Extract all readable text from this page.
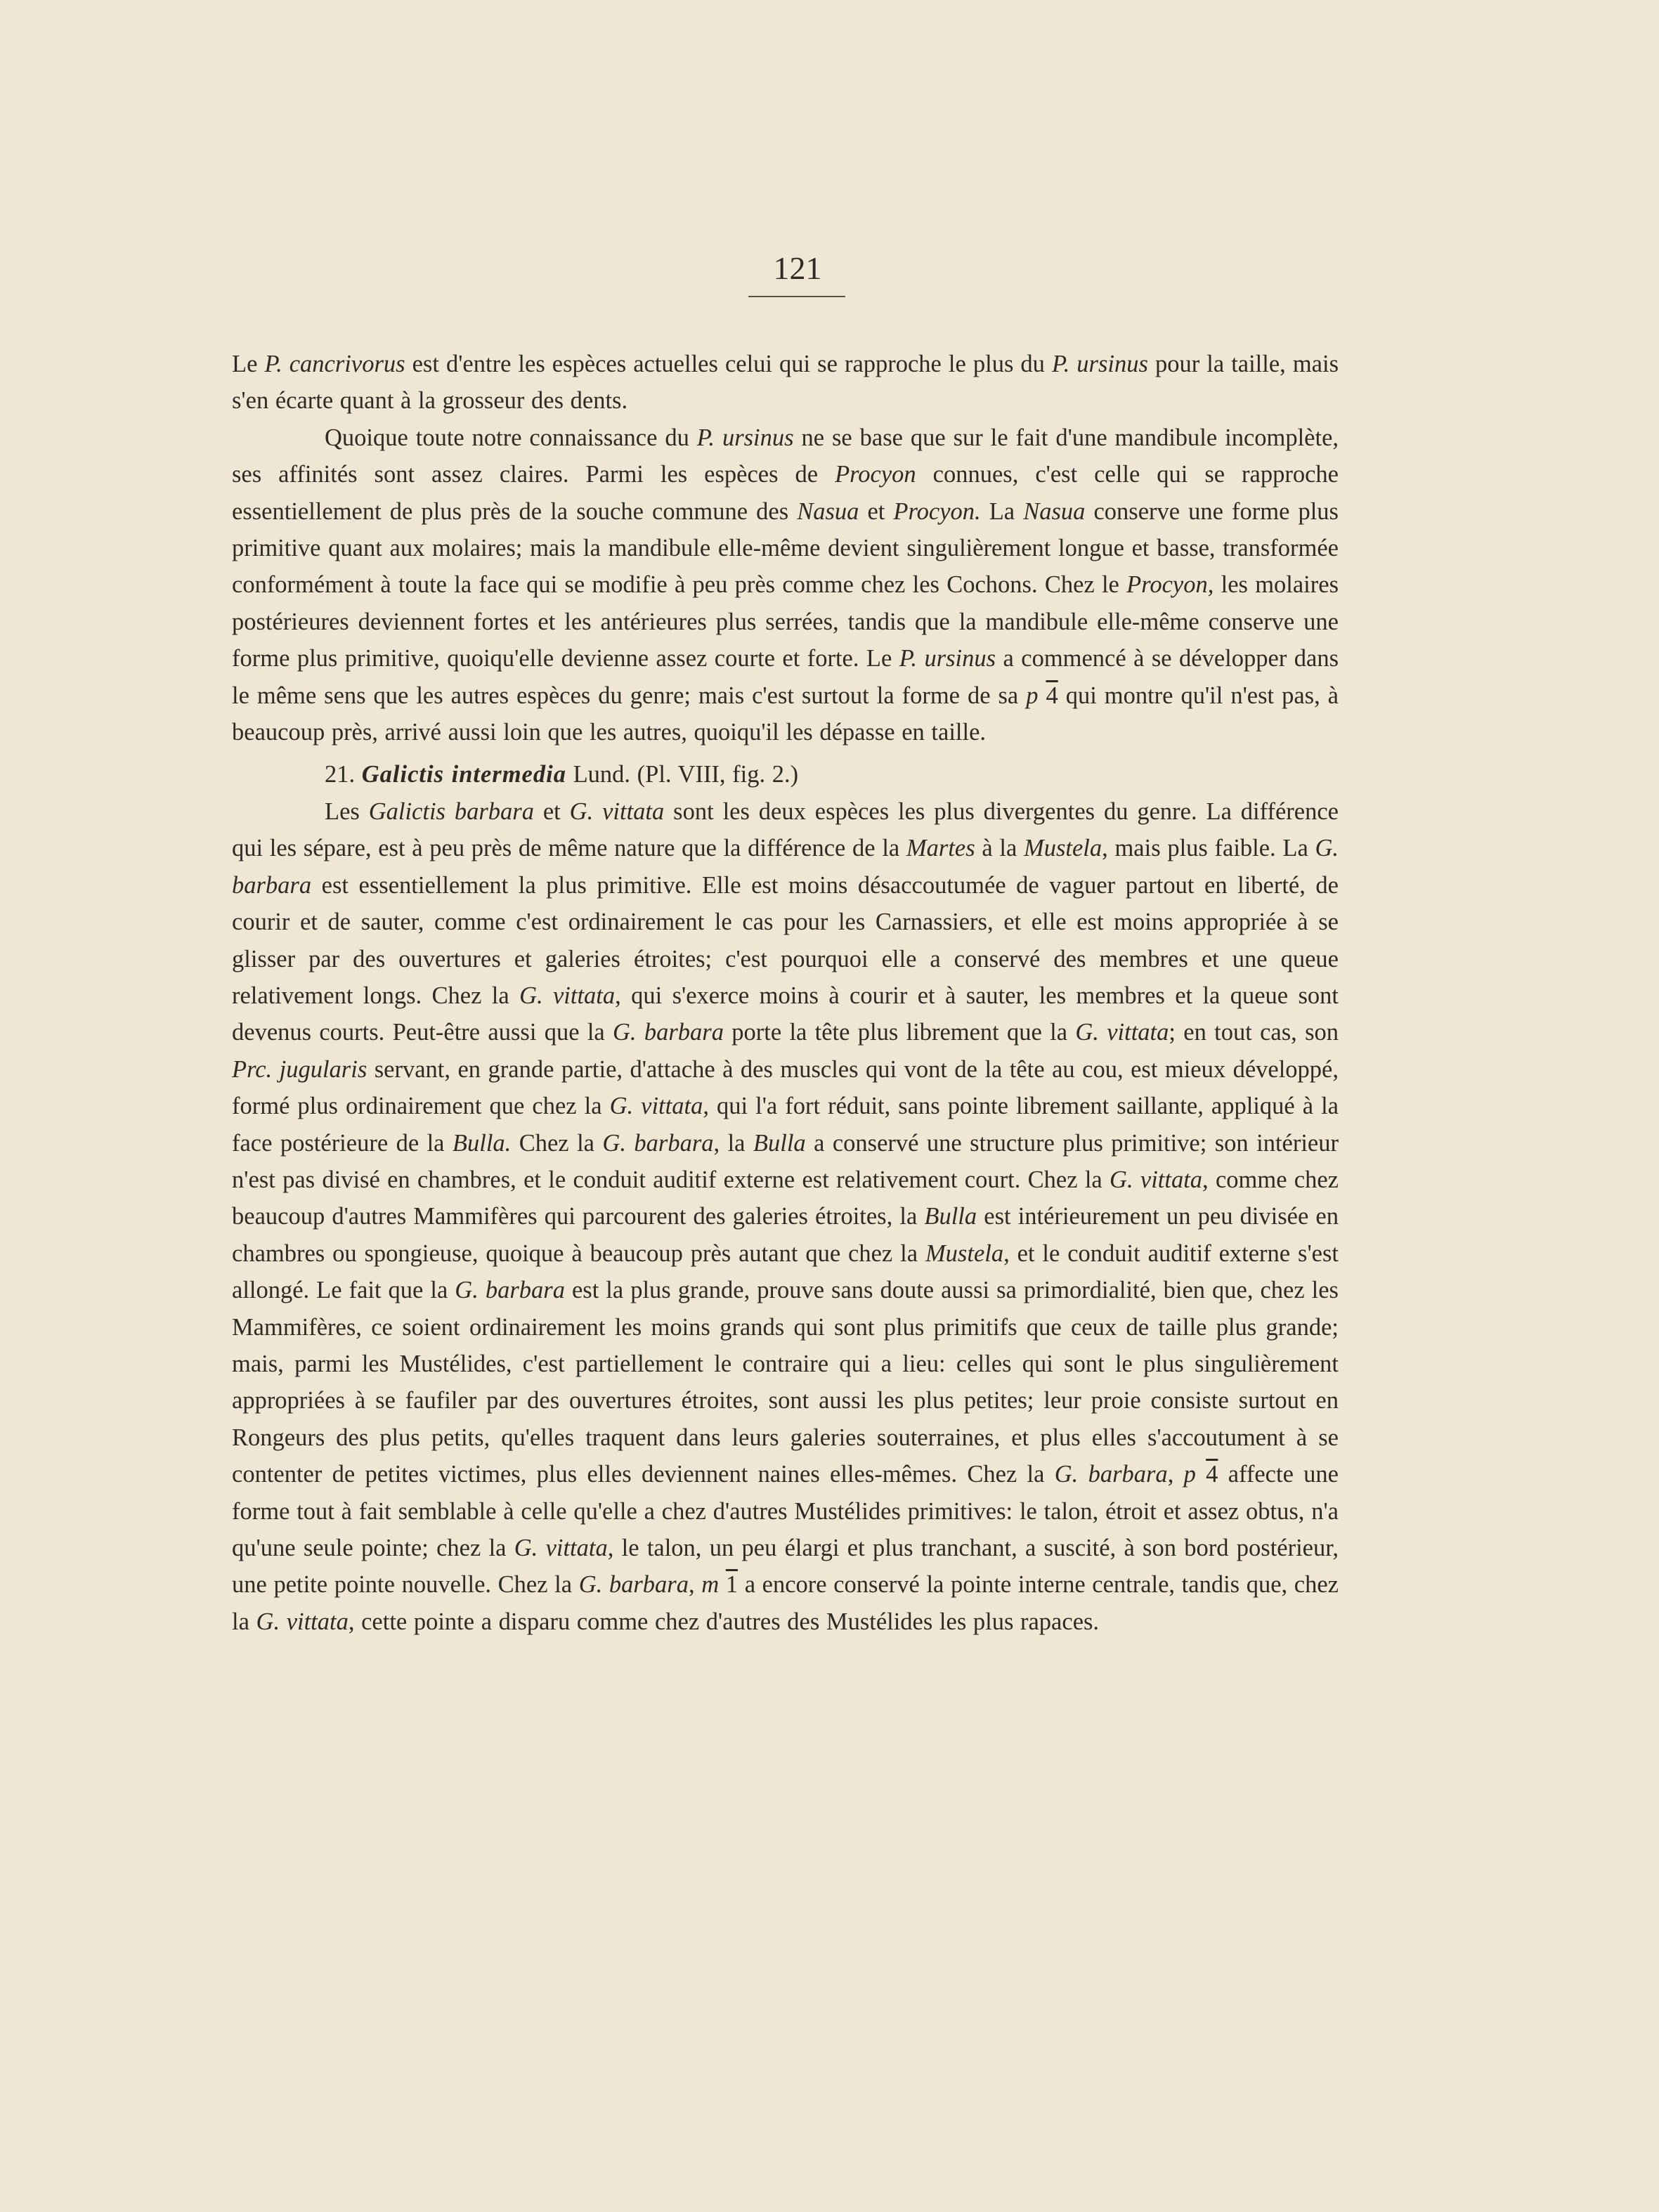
121

Le P. cancrivorus est d'entre les espèces actuelles celui qui se rapproche le plus du P. ursinus pour la taille, mais s'en écarte quant à la grosseur des dents.

Quoique toute notre connaissance du P. ursinus ne se base que sur le fait d'une mandibule incomplète, ses affinités sont assez claires. Parmi les espèces de Procyon connues, c'est celle qui se rapproche essentiellement de plus près de la souche commune des Nasua et Procyon. La Nasua conserve une forme plus primitive quant aux molaires; mais la mandibule elle-même devient singulièrement longue et basse, transformée conformément à toute la face qui se modifie à peu près comme chez les Cochons. Chez le Procyon, les molaires postérieures deviennent fortes et les antérieures plus serrées, tandis que la mandibule elle-même conserve une forme plus primitive, quoiqu'elle devienne assez courte et forte. Le P. ursinus a commencé à se développer dans le même sens que les autres espèces du genre; mais c'est surtout la forme de sa p 4 qui montre qu'il n'est pas, à beaucoup près, arrivé aussi loin que les autres, quoiqu'il les dépasse en taille.

21. Galictis intermedia Lund. (Pl. VIII, fig. 2.)

Les Galictis barbara et G. vittata sont les deux espèces les plus divergentes du genre. La différence qui les sépare, est à peu près de même nature que la différence de la Martes à la Mustela, mais plus faible. La G. barbara est essentiellement la plus primitive. Elle est moins désaccoutumée de vaguer partout en liberté, de courir et de sauter, comme c'est ordinairement le cas pour les Carnassiers, et elle est moins appropriée à se glisser par des ouvertures et galeries étroites; c'est pourquoi elle a conservé des membres et une queue relativement longs. Chez la G. vittata, qui s'exerce moins à courir et à sauter, les membres et la queue sont devenus courts. Peut-être aussi que la G. barbara porte la tête plus librement que la G. vittata; en tout cas, son Prc. jugularis servant, en grande partie, d'attache à des muscles qui vont de la tête au cou, est mieux développé, formé plus ordinairement que chez la G. vittata, qui l'a fort réduit, sans pointe librement saillante, appliqué à la face postérieure de la Bulla. Chez la G. barbara, la Bulla a conservé une structure plus primitive; son intérieur n'est pas divisé en chambres, et le conduit auditif externe est relativement court. Chez la G. vittata, comme chez beaucoup d'autres Mammifères qui parcourent des galeries étroites, la Bulla est intérieurement un peu divisée en chambres ou spongieuse, quoique à beaucoup près autant que chez la Mustela, et le conduit auditif externe s'est allongé. Le fait que la G. barbara est la plus grande, prouve sans doute aussi sa primordialité, bien que, chez les Mammifères, ce soient ordinairement les moins grands qui sont plus primitifs que ceux de taille plus grande; mais, parmi les Mustélides, c'est partiellement le contraire qui a lieu: celles qui sont le plus singulièrement appropriées à se faufiler par des ouvertures étroites, sont aussi les plus petites; leur proie consiste surtout en Rongeurs des plus petits, qu'elles traquent dans leurs galeries souterraines, et plus elles s'accoutument à se contenter de petites victimes, plus elles deviennent naines elles-mêmes. Chez la G. barbara, p 4 affecte une forme tout à fait semblable à celle qu'elle a chez d'autres Mustélides primitives: le talon, étroit et assez obtus, n'a qu'une seule pointe; chez la G. vittata, le talon, un peu élargi et plus tranchant, a suscité, à son bord postérieur, une petite pointe nouvelle. Chez la G. barbara, m 1 a encore conservé la pointe interne centrale, tandis que, chez la G. vittata, cette pointe a disparu comme chez d'autres des Mustélides les plus rapaces.
